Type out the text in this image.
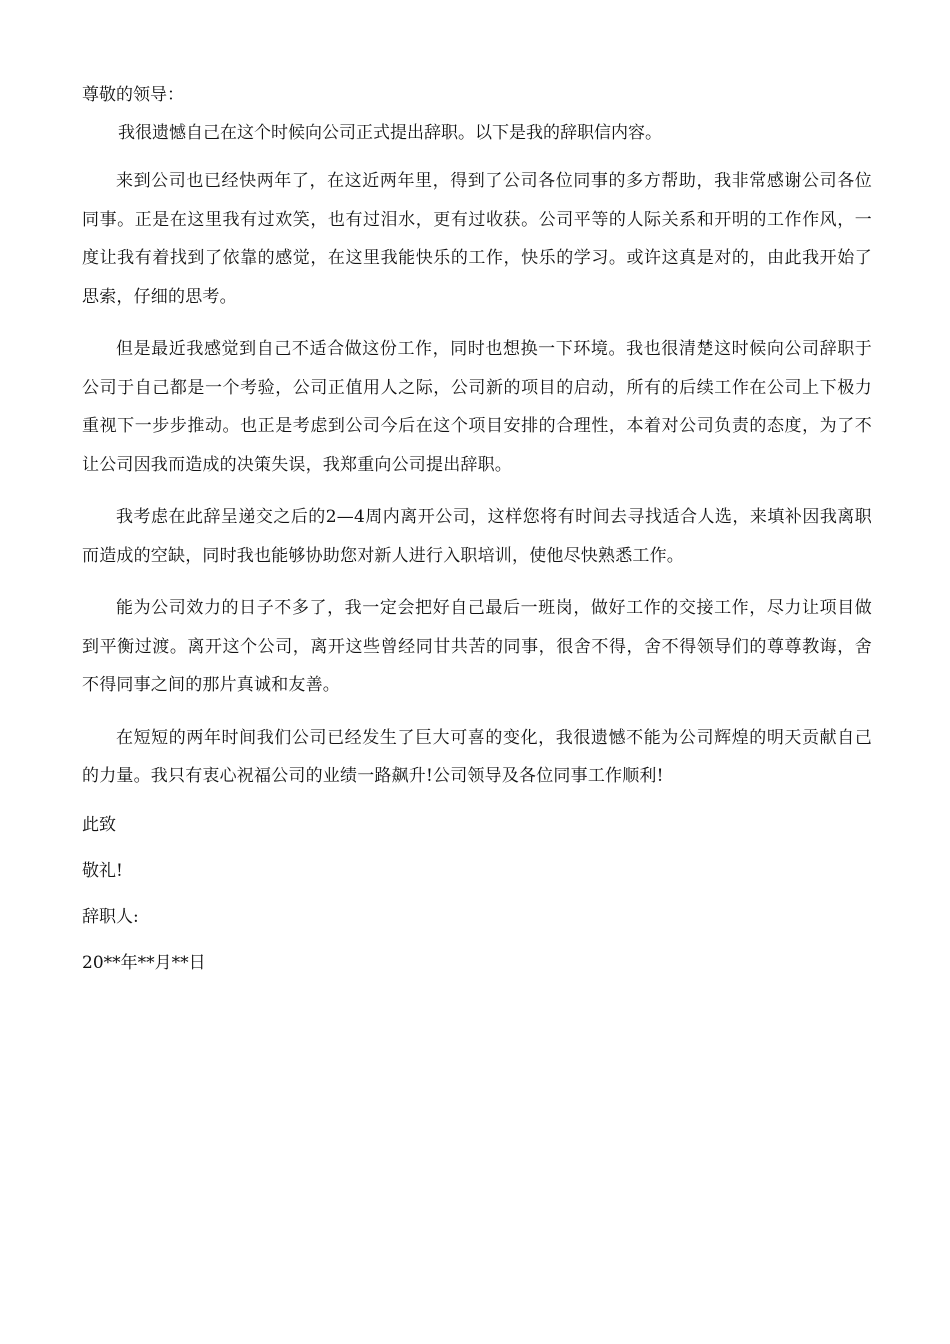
尊敬的领导：

我很遗憾自己在这个时候向公司正式提出辞职。以下是我的辞职信内容。

来到公司也已经快两年了，在这近两年里，得到了公司各位同事的多方帮助，我非常感谢公司各位同事。正是在这里我有过欢笑，也有过泪水，更有过收获。公司平等的人际关系和开明的工作作风，一度让我有着找到了依靠的感觉，在这里我能快乐的工作，快乐的学习。或许这真是对的，由此我开始了思索，仔细的思考。

但是最近我感觉到自己不适合做这份工作，同时也想换一下环境。我也很清楚这时候向公司辞职于公司于自己都是一个考验，公司正值用人之际，公司新的项目的启动，所有的后续工作在公司上下极力重视下一步步推动。也正是考虑到公司今后在这个项目安排的合理性，本着对公司负责的态度，为了不让公司因我而造成的决策失误，我郑重向公司提出辞职。

我考虑在此辞呈递交之后的2—4周内离开公司，这样您将有时间去寻找适合人选，来填补因我离职而造成的空缺，同时我也能够协助您对新人进行入职培训，使他尽快熟悉工作。

能为公司效力的日子不多了，我一定会把好自己最后一班岗，做好工作的交接工作，尽力让项目做到平衡过渡。离开这个公司，离开这些曾经同甘共苦的同事，很舍不得，舍不得领导们的尊尊教诲，舍不得同事之间的那片真诚和友善。

在短短的两年时间我们公司已经发生了巨大可喜的变化，我很遗憾不能为公司辉煌的明天贡献自己的力量。我只有衷心祝福公司的业绩一路飙升!公司领导及各位同事工作顺利!

此致

敬礼!

辞职人:

20**年**月**日
